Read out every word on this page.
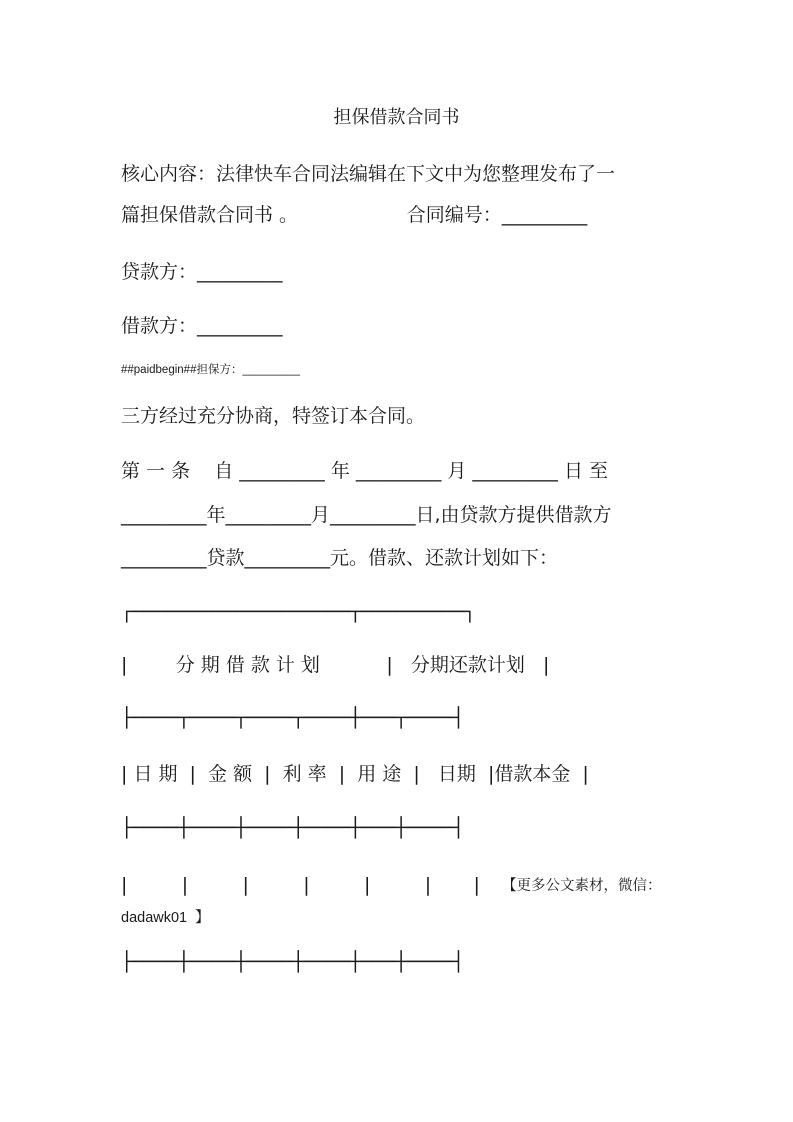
担保借款合同书
核心内容：法律快车合同法编辑在下文中为您整理发布了一
篇担保借款合同书 。                  合同编号：_________
贷款方：_________
借款方：_________
##paidbegin##担保方：_________
三方经过充分协商，特签订本合同。
第 一 条    自 _________ 年 _________ 月 _________ 日 至
_________年_________月_________日,由贷款方提供借款方
_________贷款_________元。借款、还款计划如下：
┌───────────────────┬─────────┐
|        分 期 借 款 计 划           |   分期还款计划   |
├────┬────┬────┬────┼───┬────┤
| 日 期  |  金 额  |  利 率  |  用 途  |   日期  |借款本金  |
├────┼────┼────┼────┼───┼────┤
|         |         |         |         |         |       |	【更多公文素材，微信：
dadawk01  】
├────┼────┼────┼────┼───┼────┤
